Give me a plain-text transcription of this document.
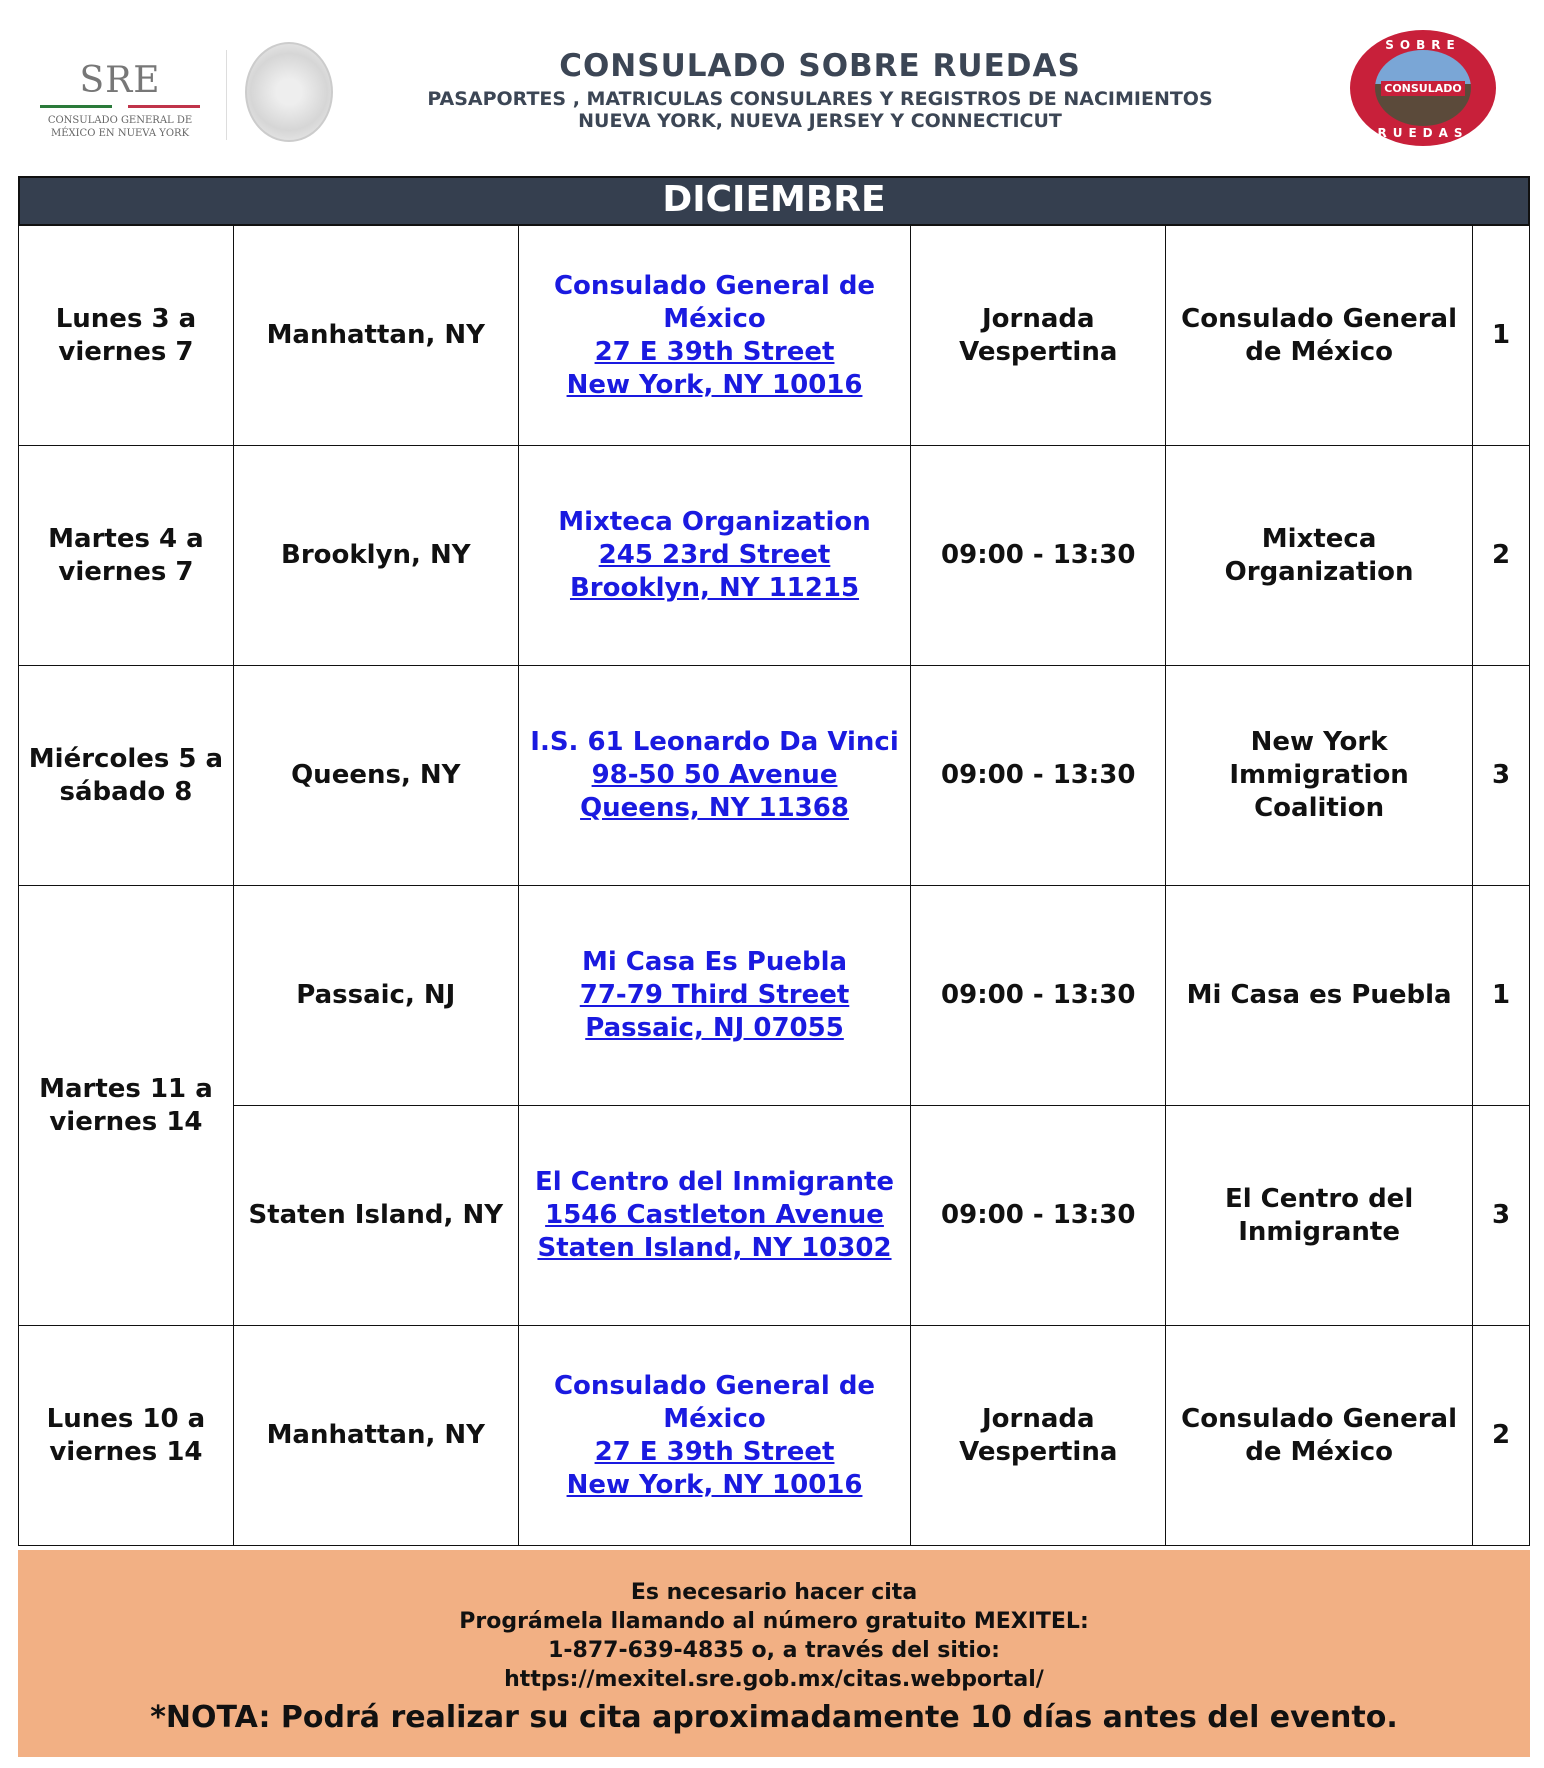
SRE
CONSULADO GENERAL DE
MÉXICO EN NUEVA YORK
CONSULADO SOBRE RUEDAS
PASAPORTES , MATRICULAS CONSULARES Y REGISTROS DE NACIMIENTOS
NUEVA YORK, NUEVA JERSEY Y CONNECTICUT
SOBRE
CONSULADO
RUEDAS
DICIEMBRE
Lunes 3 a viernes 7	Manhattan, NY	Consulado General de México
27 E 39th Street
New York, NY 10016	Jornada Vespertina	Consulado General de México	1
Martes 4 a viernes 7	Brooklyn, NY	Mixteca Organization
245 23rd Street
Brooklyn, NY 11215	09:00 - 13:30	Mixteca Organization	2
Miércoles 5 a sábado 8	Queens, NY	I.S. 61 Leonardo Da Vinci
98-50 50 Avenue
Queens, NY 11368	09:00 - 13:30	New York Immigration Coalition	3
Martes 11 a viernes 14	Passaic, NJ	Mi Casa Es Puebla
77-79 Third Street
Passaic, NJ 07055	09:00 - 13:30	Mi Casa es Puebla	1
	Staten Island, NY	El Centro del Inmigrante
1546 Castleton Avenue
Staten Island, NY 10302	09:00 - 13:30	El Centro del Inmigrante	3
Lunes 10 a viernes 14	Manhattan, NY	Consulado General de México
27 E 39th Street
New York, NY 10016	Jornada Vespertina	Consulado General de México	2
Es necesario hacer cita
Prográmela llamando al número gratuito MEXITEL:
1-877-639-4835 o, a través del sitio:
https://mexitel.sre.gob.mx/citas.webportal/
*NOTA: Podrá realizar su cita aproximadamente 10 días antes del evento.
